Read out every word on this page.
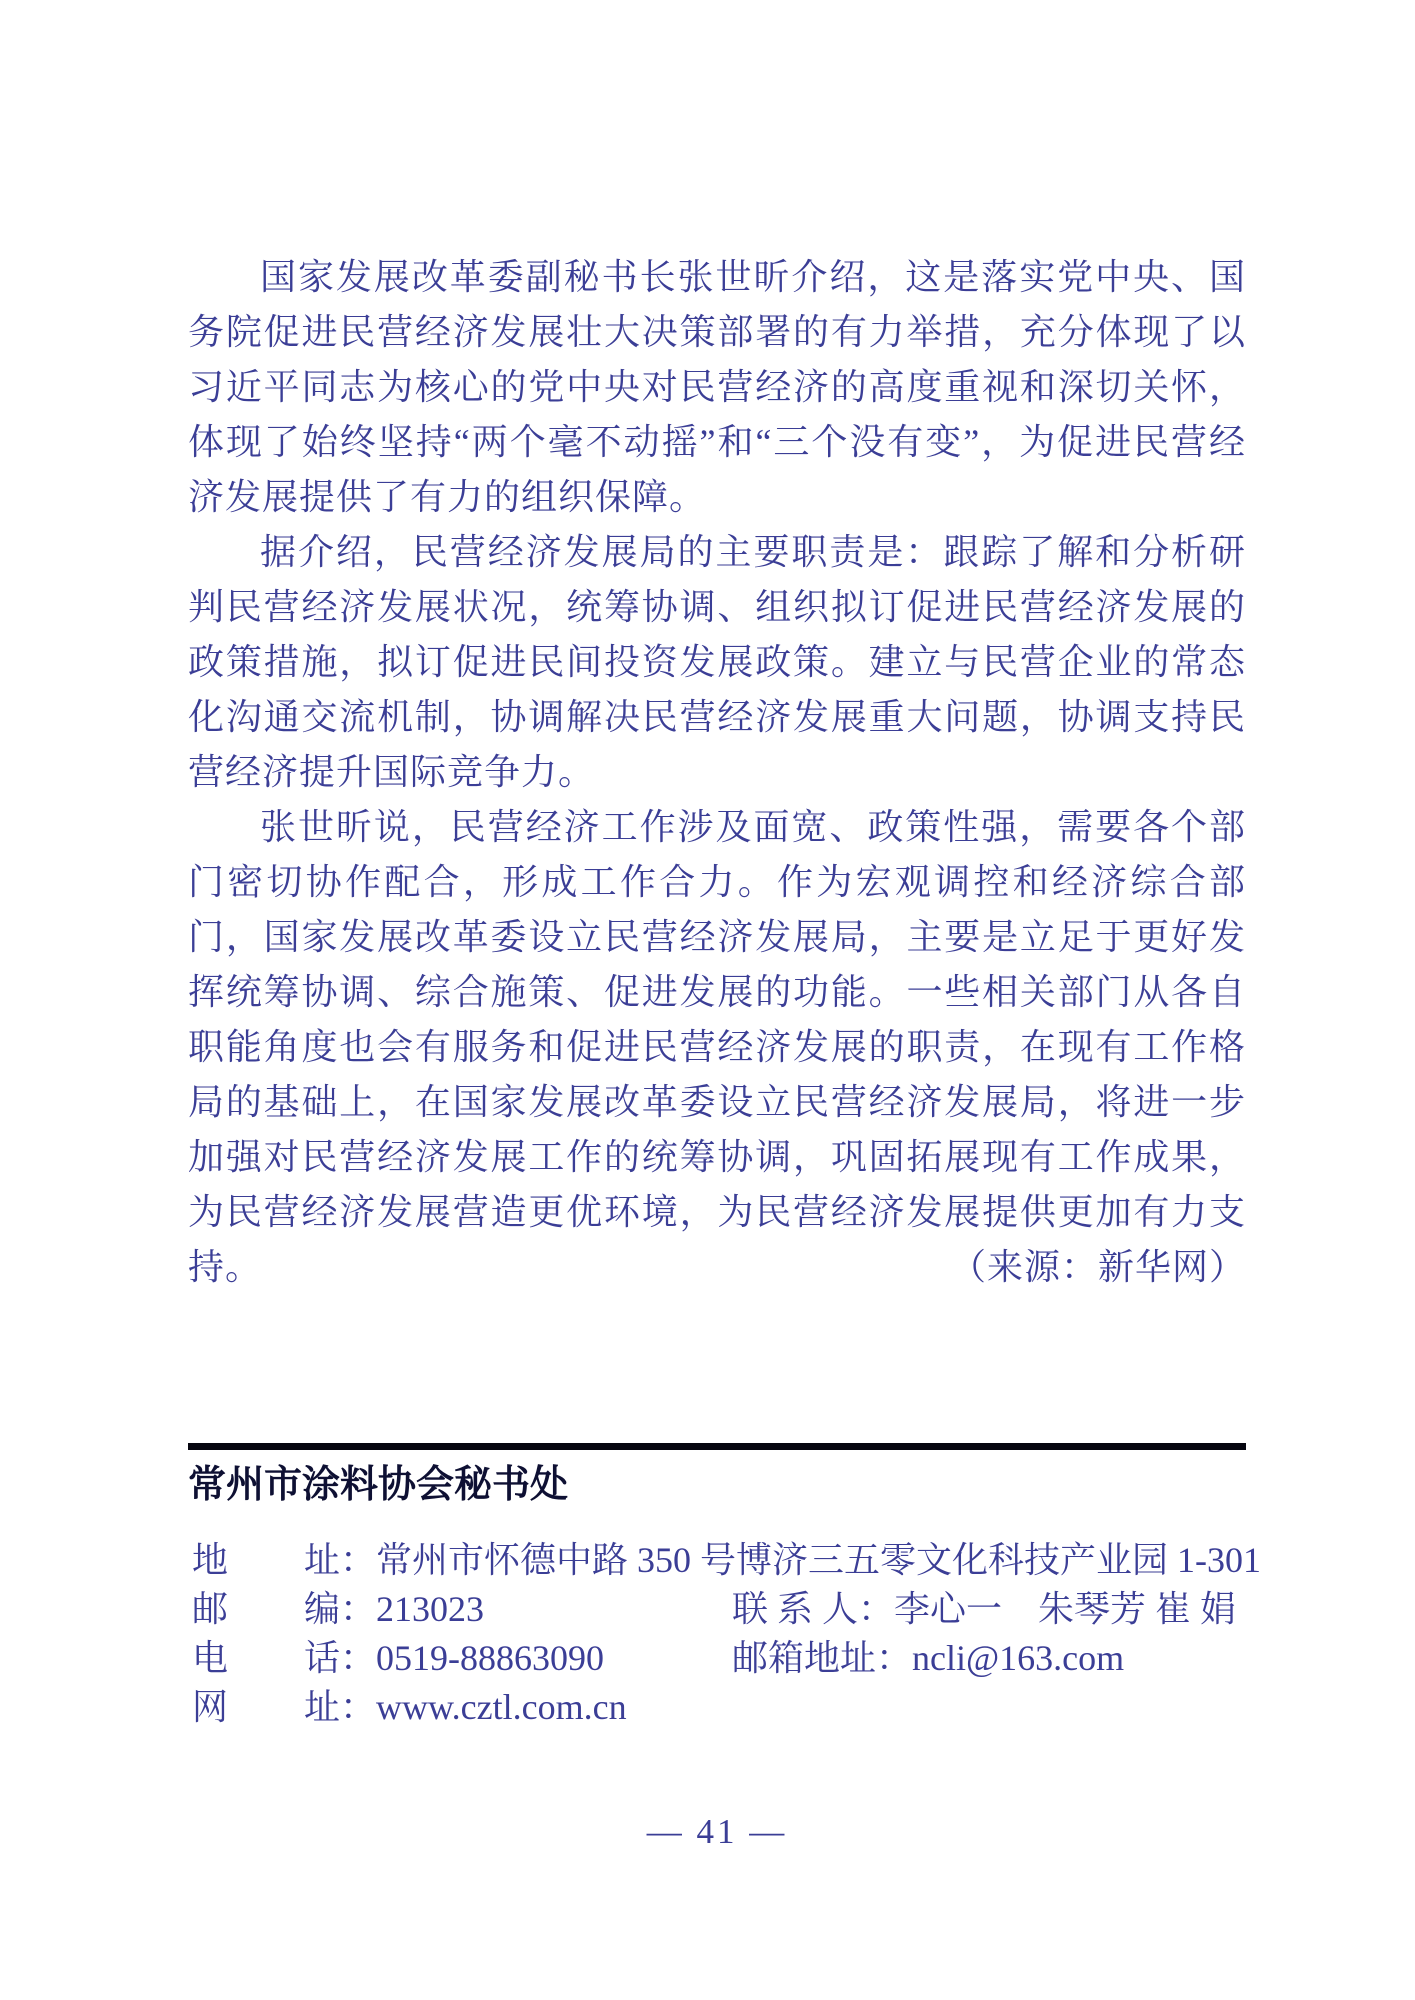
国家发展改革委副秘书长张世昕介绍，这是落实党中央、国务院促进民营经济发展壮大决策部署的有力举措，充分体现了以习近平同志为核心的党中央对民营经济的高度重视和深切关怀，体现了始终坚持“两个毫不动摇”和“三个没有变”，为促进民营经济发展提供了有力的组织保障。

据介绍，民营经济发展局的主要职责是：跟踪了解和分析研判民营经济发展状况，统筹协调、组织拟订促进民营经济发展的政策措施，拟订促进民间投资发展政策。建立与民营企业的常态化沟通交流机制，协调解决民营经济发展重大问题，协调支持民营经济提升国际竞争力。

张世昕说，民营经济工作涉及面宽、政策性强，需要各个部门密切协作配合，形成工作合力。作为宏观调控和经济综合部门，国家发展改革委设立民营经济发展局，主要是立足于更好发挥统筹协调、综合施策、促进发展的功能。一些相关部门从各自职能角度也会有服务和促进民营经济发展的职责，在现有工作格局的基础上，在国家发展改革委设立民营经济发展局，将进一步加强对民营经济发展工作的统筹协调，巩固拓展现有工作成果，为民营经济发展营造更优环境，为民营经济发展提供更加有力支持。	（来源：新华网）

常州市涂料协会秘书处
地 址： 常州市怀德中路 350 号博济三五零文化科技产业园 1-301
邮 编： 213023	联 系 人：李心一　朱琴芳 崔 娟
电 话： 0519-88863090	邮箱地址：ncli@163.com
网 址： www.cztl.com.cn
— 41 —
